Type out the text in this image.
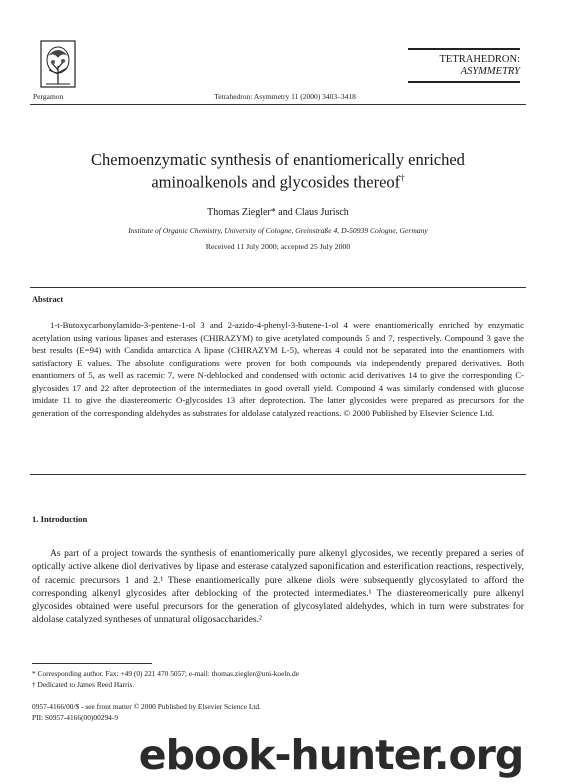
Pergamon	Tetrahedron: Asymmetry 11 (2000) 3403–3418
TETRAHEDRON:
ASYMMETRY
Chemoenzymatic synthesis of enantiomerically enriched
aminoalkenols and glycosides thereof†
Thomas Ziegler* and Claus Jurisch
Institute of Organic Chemistry, University of Cologne, Greinstraße 4, D-50939 Cologne, Germany
Received 11 July 2000; accepted 25 July 2000
Abstract
1-t-Butoxycarbonylamido-3-pentene-1-ol 3 and 2-azido-4-phenyl-3-butene-1-ol 4 were enantiomerically enriched by enzymatic acetylation using various lipases and esterases (CHIRAZYM) to give acetylated compounds 5 and 7, respectively. Compound 3 gave the best results (E=94) with Candida antarctica A lipase (CHIRAZYM L-5), whereas 4 could not be separated into the enantiomers with satisfactory E values. The absolute configurations were proven for both compounds via independently prepared derivatives. Both enantiomers of 5, as well as racemic 7, were N-deblocked and condensed with octonic acid derivatives 14 to give the corresponding C-glycosides 17 and 22 after deprotection of the intermediates in good overall yield. Compound 4 was similarly condensed with glucose imidate 11 to give the diastereomeric O-glycosides 13 after deprotection. The latter glycosides were prepared as precursors for the generation of the corresponding aldehydes as substrates for aldolase catalyzed reactions. © 2000 Published by Elsevier Science Ltd.
1. Introduction
As part of a project towards the synthesis of enantiomerically pure alkenyl glycosides, we recently prepared a series of optically active alkene diol derivatives by lipase and esterase catalyzed saponification and esterification reactions, respectively, of racemic precursors 1 and 2.¹ These enantiomerically pure alkene diols were subsequently glycosylated to afford the corresponding alkenyl glycosides after deblocking of the protected intermediates.¹ The diastereomerically pure alkenyl glycosides obtained were useful precursors for the generation of glycosylated aldehydes, which in turn were substrates for aldolase catalyzed syntheses of unnatural oligosaccharides.²
* Corresponding author. Fax: +49 (0) 221 470 5057; e-mail: thomas.ziegler@uni-koeln.de
† Dedicated to James Reed Harris.
0957-4166/00/$ - see front matter © 2000 Published by Elsevier Science Ltd.
PII: S0957-4166(00)00294-9
ebook-hunter.org
